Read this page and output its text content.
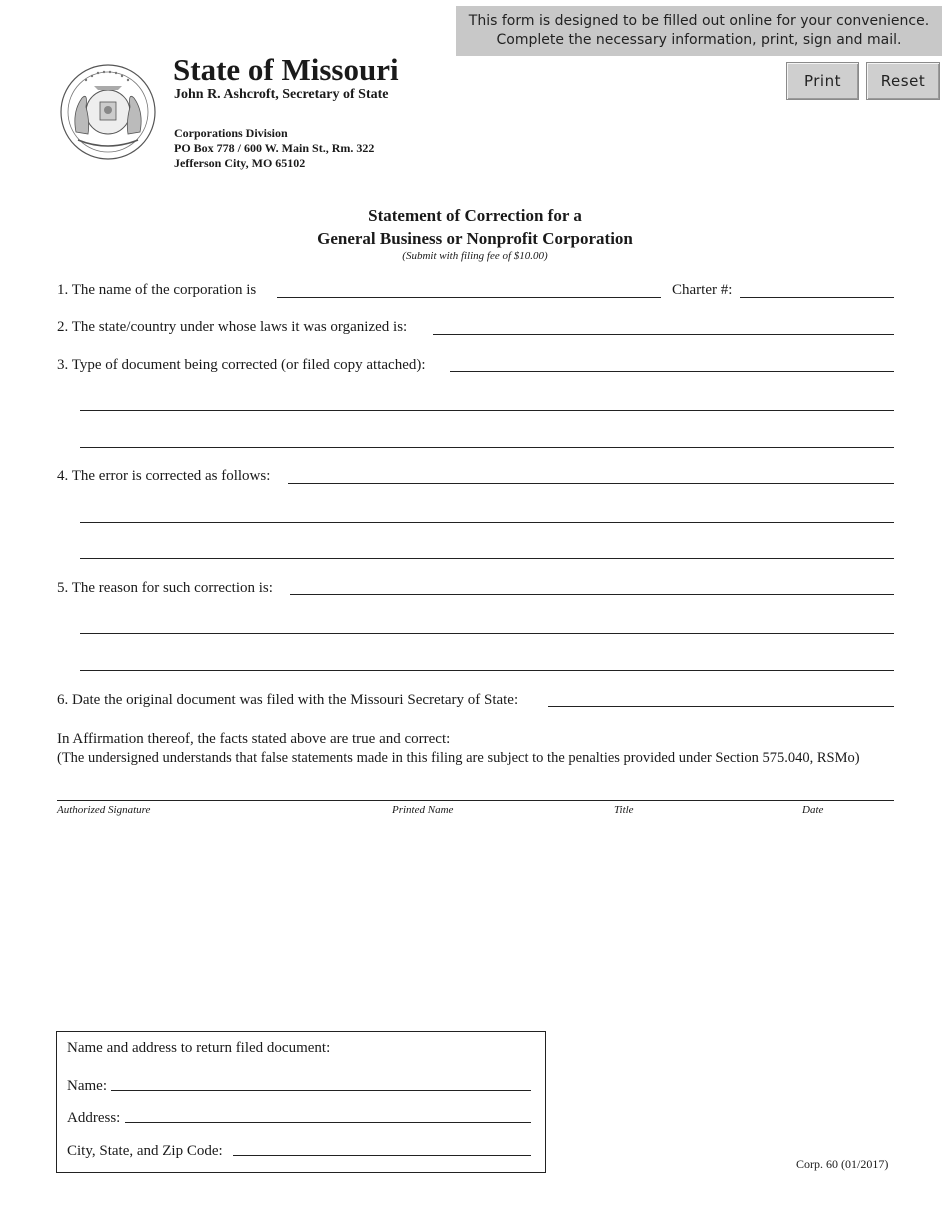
This form is designed to be filled out online for your convenience.
Complete the necessary information, print, sign and mail.
Print	Reset
State of Missouri
John R. Ashcroft, Secretary of State
Corporations Division
PO Box 778 / 600 W. Main St., Rm. 322
Jefferson City, MO 65102
Statement of Correction for a
General Business or Nonprofit Corporation
(Submit with filing fee of $10.00)
1. The name of the corporation is	Charter #:
2. The state/country under whose laws it was organized is:
3. Type of document being corrected (or filed copy attached):
4. The error is corrected as follows:
5. The reason for such correction is:
6. Date the original document was filed with the Missouri Secretary of State:
In Affirmation thereof, the facts stated above are true and correct:
(The undersigned understands that false statements made in this filing are subject to the penalties provided under Section 575.040, RSMo)
Authorized Signature	Printed Name	Title	Date
Name and address to return filed document:
Name:
Address:
City, State, and Zip Code:
Corp. 60 (01/2017)
